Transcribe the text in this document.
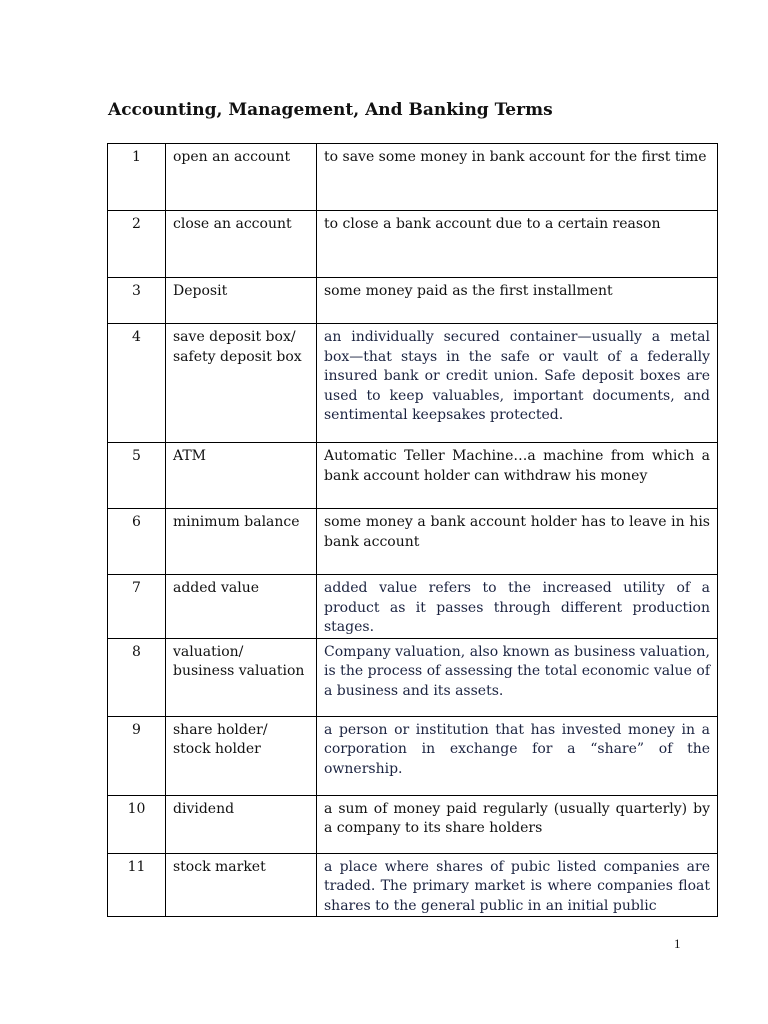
Accounting, Management, And Banking Terms
1	open an account	to save some money in bank account for the first time
2	close an account	to close a bank account due to a certain reason
3	Deposit	some money paid as the first installment
4	save deposit box/ safety deposit box	an individually secured container—usually a metal box—that stays in the safe or vault of a federally insured bank or credit union. Safe deposit boxes are used to keep valuables, important documents, and sentimental keepsakes protected.
5	ATM	Automatic Teller Machine…a machine from which a bank account holder can withdraw his money
6	minimum balance	some money a bank account holder has to leave in his bank account
7	added value	added value refers to the increased utility of a product as it passes through different production stages.
8	valuation/ business valuation	Company valuation, also known as business valuation, is the process of assessing the total economic value of a business and its assets.
9	share holder/ stock holder	a person or institution that has invested money in a corporation in exchange for a “share” of the ownership.
10	dividend	a sum of money paid regularly (usually quarterly) by a company to its share holders
11	stock market	a place where shares of pubic listed companies are traded. The primary market is where companies float shares to the general public in an initial public
1
